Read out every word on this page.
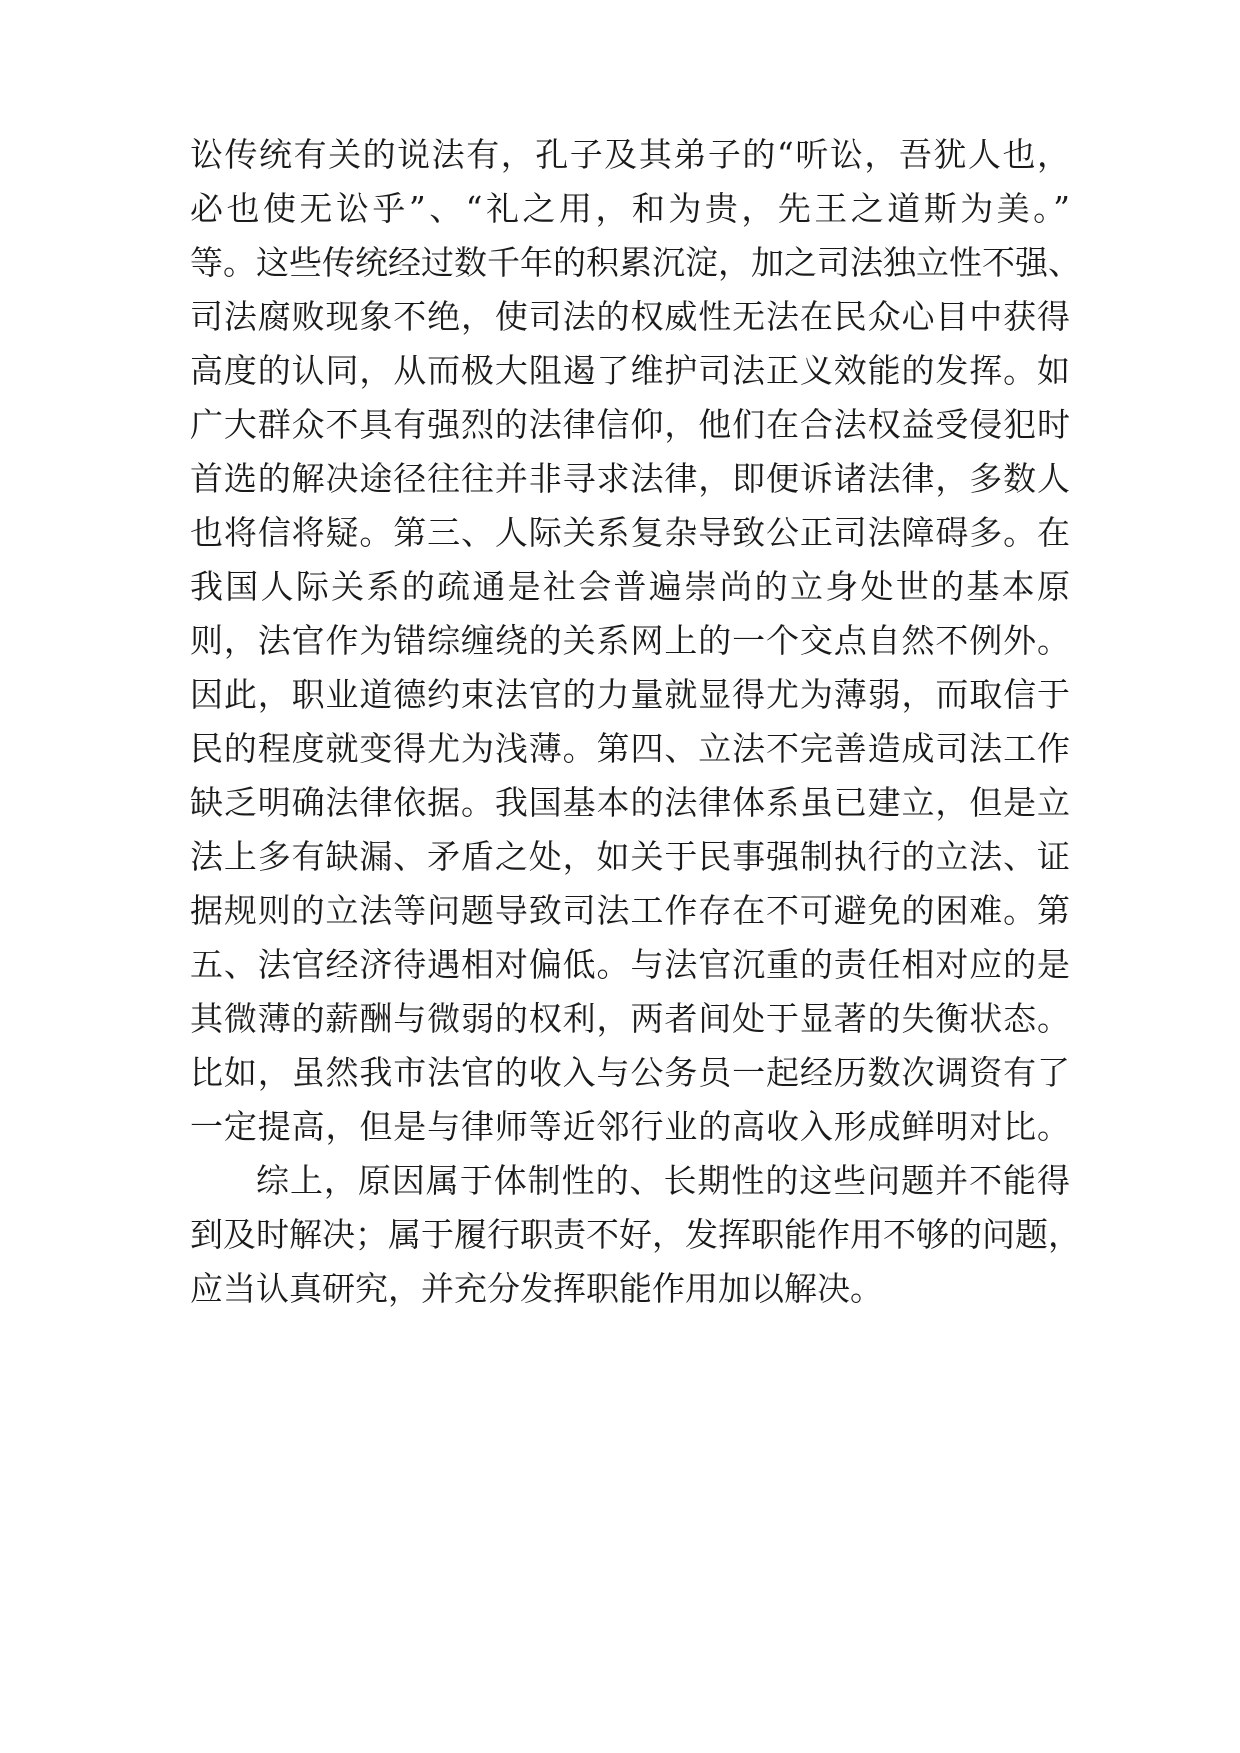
讼传统有关的说法有，孔子及其弟子的“听讼，吾犹人也，
必也使无讼乎”、“礼之用，和为贵，先王之道斯为美。”
等。这些传统经过数千年的积累沉淀，加之司法独立性不强、
司法腐败现象不绝，使司法的权威性无法在民众心目中获得
高度的认同，从而极大阻遏了维护司法正义效能的发挥。如
广大群众不具有强烈的法律信仰，他们在合法权益受侵犯时
首选的解决途径往往并非寻求法律，即便诉诸法律，多数人
也将信将疑。第三、人际关系复杂导致公正司法障碍多。在
我国人际关系的疏通是社会普遍崇尚的立身处世的基本原
则，法官作为错综缠绕的关系网上的一个交点自然不例外。
因此，职业道德约束法官的力量就显得尤为薄弱，而取信于
民的程度就变得尤为浅薄。第四、立法不完善造成司法工作
缺乏明确法律依据。我国基本的法律体系虽已建立，但是立
法上多有缺漏、矛盾之处，如关于民事强制执行的立法、证
据规则的立法等问题导致司法工作存在不可避免的困难。第
五、法官经济待遇相对偏低。与法官沉重的责任相对应的是
其微薄的薪酬与微弱的权利，两者间处于显著的失衡状态。
比如，虽然我市法官的收入与公务员一起经历数次调资有了
一定提高，但是与律师等近邻行业的高收入形成鲜明对比。
综上，原因属于体制性的、长期性的这些问题并不能得
到及时解决；属于履行职责不好，发挥职能作用不够的问题，
应当认真研究，并充分发挥职能作用加以解决。
